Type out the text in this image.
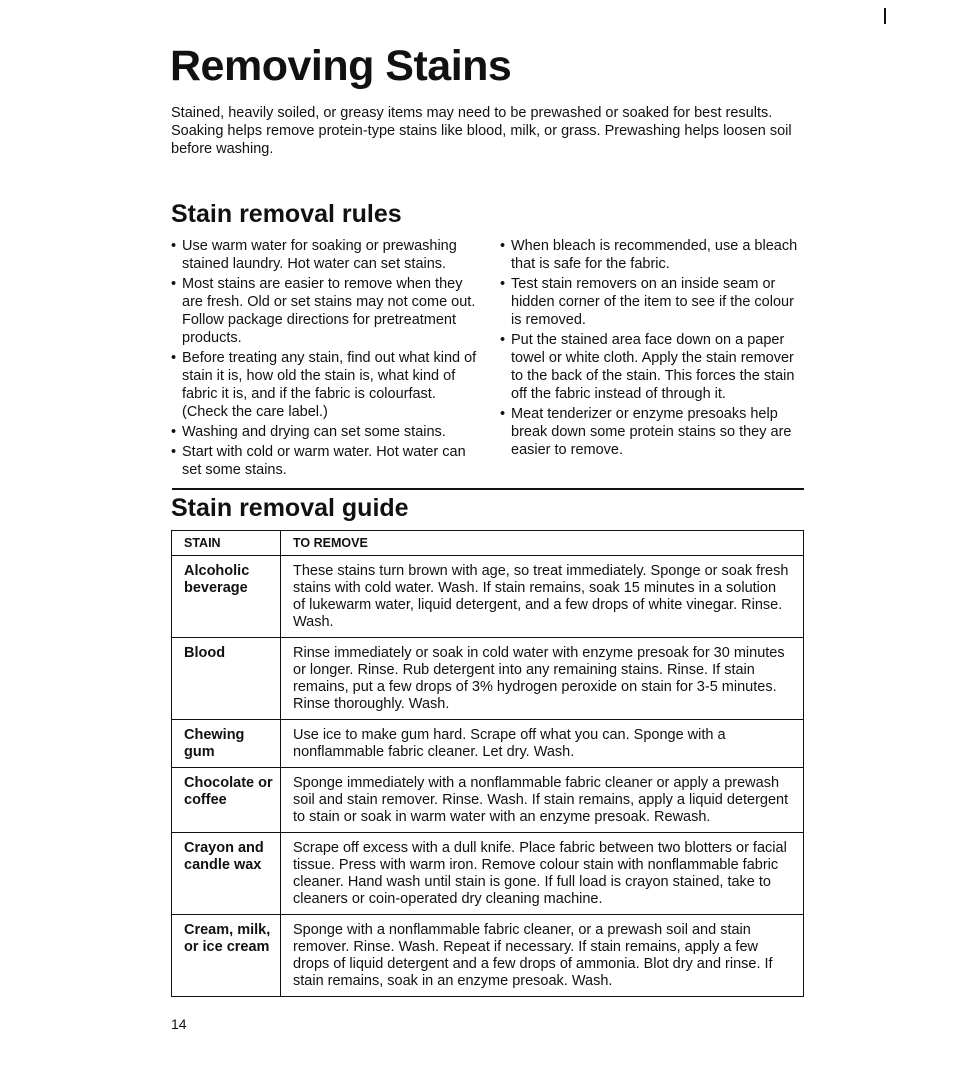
Removing Stains

Stained, heavily soiled, or greasy items may need to be prewashed or soaked for best results. Soaking helps remove protein-type stains like blood, milk, or grass. Prewashing helps loosen soil before washing.

Stain removal rules
• Use warm water for soaking or prewashing stained laundry. Hot water can set stains.
• Most stains are easier to remove when they are fresh. Old or set stains may not come out. Follow package directions for pretreatment products.
• Before treating any stain, find out what kind of stain it is, how old the stain is, what kind of fabric it is, and if the fabric is colourfast. (Check the care label.)
• Washing and drying can set some stains.
• Start with cold or warm water. Hot water can set some stains.
• When bleach is recommended, use a bleach that is safe for the fabric.
• Test stain removers on an inside seam or hidden corner of the item to see if the colour is removed.
• Put the stained area face down on a paper towel or white cloth. Apply the stain remover to the back of the stain. This forces the stain off the fabric instead of through it.
• Meat tenderizer or enzyme presoaks help break down some protein stains so they are easier to remove.
Stain removal guide
STAIN	TO REMOVE
Alcoholic beverage	These stains turn brown with age, so treat immediately. Sponge or soak fresh stains with cold water. Wash. If stain remains, soak 15 minutes in a solution of lukewarm water, liquid detergent, and a few drops of white vinegar. Rinse. Wash.
Blood	Rinse immediately or soak in cold water with enzyme presoak for 30 minutes or longer. Rinse. Rub detergent into any remaining stains. Rinse. If stain remains, put a few drops of 3% hydrogen peroxide on stain for 3-5 minutes. Rinse thoroughly. Wash.
Chewing gum	Use ice to make gum hard. Scrape off what you can. Sponge with a nonflammable fabric cleaner. Let dry. Wash.
Chocolate or coffee	Sponge immediately with a nonflammable fabric cleaner or apply a prewash soil and stain remover. Rinse. Wash. If stain remains, apply a liquid detergent to stain or soak in warm water with an enzyme presoak. Rewash.
Crayon and candle wax	Scrape off excess with a dull knife. Place fabric between two blotters or facial tissue. Press with warm iron. Remove colour stain with nonflammable fabric cleaner. Hand wash until stain is gone. If full load is crayon stained, take to cleaners or coin-operated dry cleaning machine.
Cream, milk, or ice cream	Sponge with a nonflammable fabric cleaner, or a prewash soil and stain remover. Rinse. Wash. Repeat if necessary. If stain remains, apply a few drops of liquid detergent and a few drops of ammonia. Blot dry and rinse. If stain remains, soak in an enzyme presoak. Wash.
14
